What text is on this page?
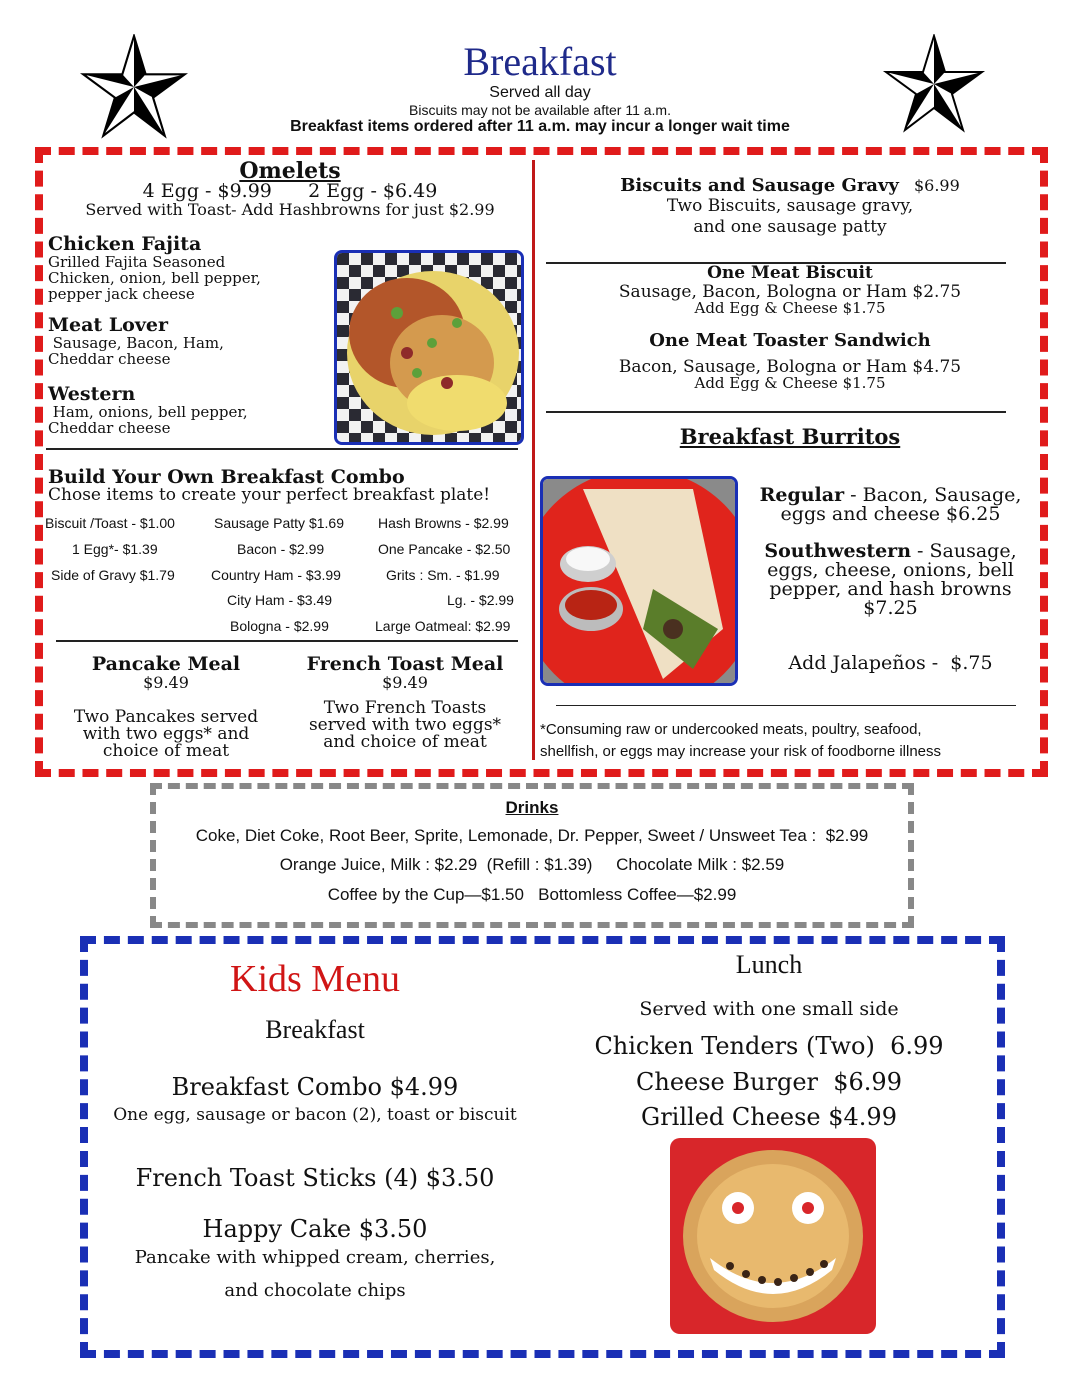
Breakfast
Served all day
Biscuits may not be available after 11 a.m.
Breakfast items ordered after 11 a.m. may incur a longer wait time
Omelets
4 Egg - $9.99      2 Egg - $6.49
Served with Toast- Add Hashbrowns for just $2.99
Chicken Fajita
Grilled Fajita Seasoned
Chicken, onion, bell pepper,
pepper jack cheese
Meat Lover
Sausage, Bacon, Ham,
Cheddar cheese
Western
Ham, onions, bell pepper,
Cheddar cheese
Build Your Own Breakfast Combo
Chose items to create your perfect breakfast plate!
Biscuit /Toast - $1.00
1 Egg*- $1.39
Side of Gravy $1.79
Sausage Patty $1.69
Bacon - $2.99
Country Ham - $3.99
City Ham - $3.49
Bologna - $2.99
Hash Browns - $2.99
One Pancake - $2.50
Grits : Sm. - $1.99
Lg. - $2.99
Large Oatmeal: $2.99
Pancake Meal
$9.49
Two Pancakes served
with two eggs* and
choice of meat
French Toast Meal
$9.49
Two French Toasts
served with two eggs*
and choice of meat
Biscuits and Sausage Gravy $6.99
Two Biscuits, sausage gravy,
and one sausage patty
One Meat Biscuit
Sausage, Bacon, Bologna or Ham $2.75
Add Egg & Cheese $1.75
One Meat Toaster Sandwich
Bacon, Sausage, Bologna or Ham $4.75
Add Egg & Cheese $1.75
Breakfast Burritos
Regular - Bacon, Sausage,
eggs and cheese $6.25
Southwestern - Sausage,
eggs, cheese, onions, bell
pepper, and hash browns
$7.25
Add Jalapeños -  $.75
*Consuming raw or undercooked meats, poultry, seafood,
shellfish, or eggs may increase your risk of foodborne illness
Drinks
Coke, Diet Coke, Root Beer, Sprite, Lemonade, Dr. Pepper, Sweet / Unsweet Tea :  $2.99
Orange Juice, Milk : $2.29  (Refill : $1.39)     Chocolate Milk : $2.59
Coffee by the Cup—$1.50   Bottomless Coffee—$2.99
Kids Menu
Breakfast
Breakfast Combo $4.99
One egg, sausage or bacon (2), toast or biscuit
French Toast Sticks (4) $3.50
Happy Cake $3.50
Pancake with whipped cream, cherries,
and chocolate chips
Lunch
Served with one small side
Chicken Tenders (Two)  6.99
Cheese Burger  $6.99
Grilled Cheese $4.99
